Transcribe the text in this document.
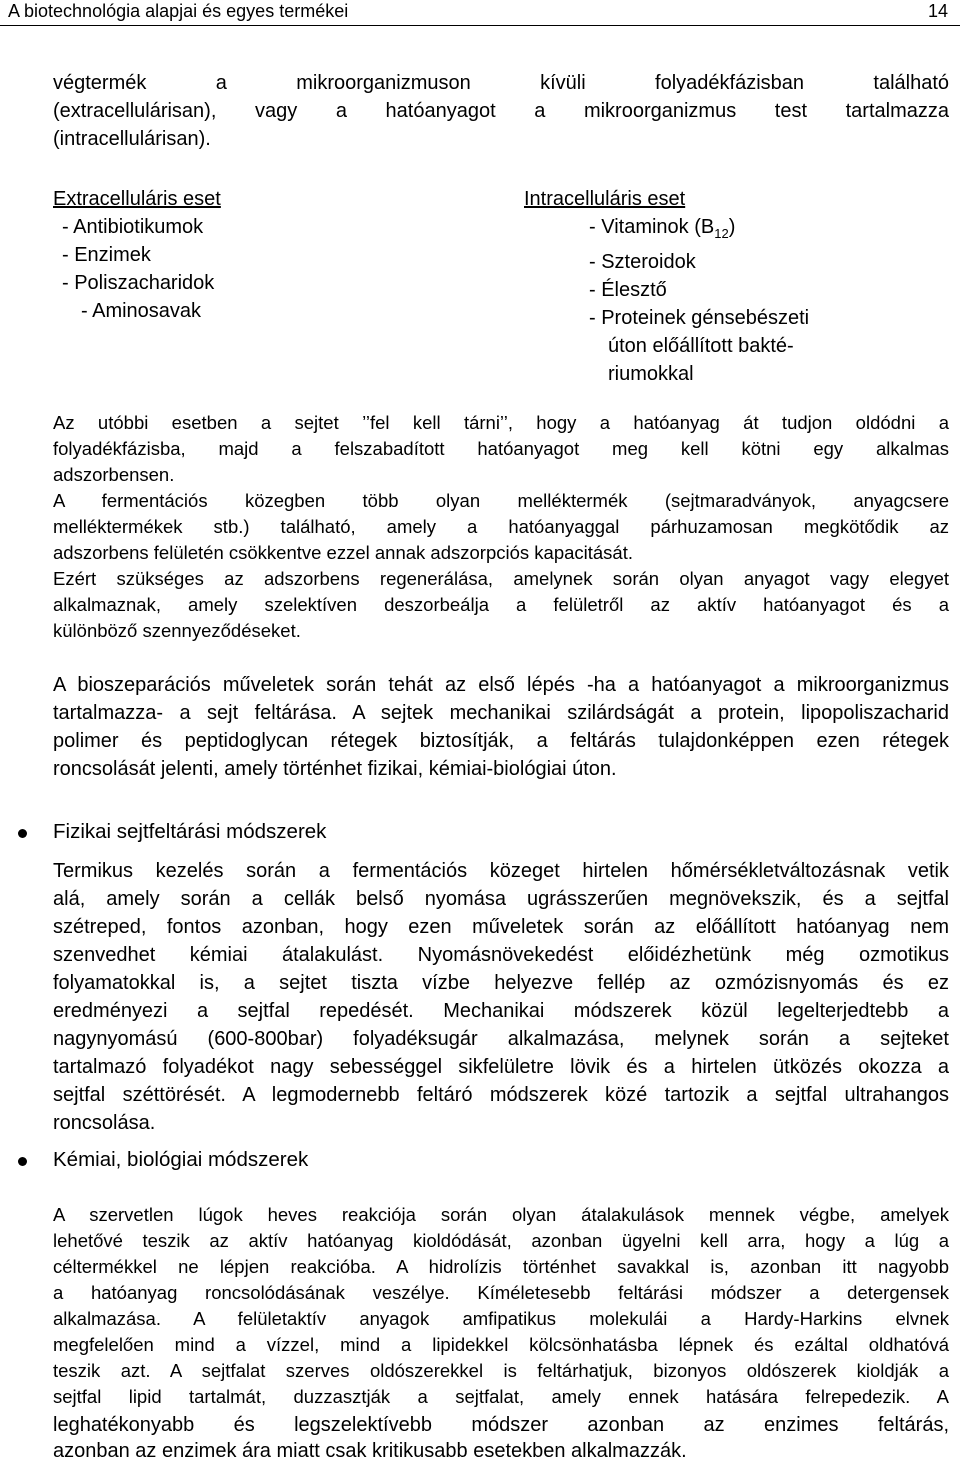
A biotechnológia alapjai és egyes termékei	14
végtermék a mikroorganizmuson kívüli folyadékfázisban található
(extracellulárisan), vagy a hatóanyagot a mikroorganizmus test tartalmazza
(intracellulárisan).
Extracelluláris eset
- Antibiotikumok
- Enzimek
- Poliszacharidok
- Aminosavak
Intracelluláris eset
- Vitaminok $(B_{12})$
- Szteroidok
- Élesztő
- Proteinek génsebészeti
úton előállított bakté-
riumokkal
Az utóbbi esetben a sejtet ’’fel kell tárni’’, hogy a hatóanyag át tudjon oldódni a
folyadékfázisba, majd a felszabadított hatóanyagot meg kell kötni egy alkalmas
adszorbensen.
A fermentációs közegben több olyan melléktermék (sejtmaradványok, anyagcsere
melléktermékek stb.) található, amely a hatóanyaggal párhuzamosan megkötődik az
adszorbens felületén csökkentve ezzel annak adszorpciós kapacitását.
Ezért szükséges az adszorbens regenerálása, amelynek során olyan anyagot vagy elegyet
alkalmaznak, amely szelektíven deszorbeálja a felületről az aktív hatóanyagot és a
különböző szennyeződéseket.
A bioszeparációs műveletek során tehát az első lépés -ha a hatóanyagot a mikroorganizmus
tartalmazza- a sejt feltárása. A sejtek mechanikai szilárdságát a protein, lipopoliszacharid
polimer és peptidoglycan rétegek biztosítják, a feltárás tulajdonképpen ezen rétegek
roncsolását jelenti, amely történhet fizikai, kémiai-biológiai úton.
Fizikai sejtfeltárási módszerek
Termikus kezelés során a fermentációs közeget hirtelen hőmérsékletváltozásnak vetik
alá, amely során a cellák belső nyomása ugrásszerűen megnövekszik, és a sejtfal
szétreped, fontos azonban, hogy ezen műveletek során az előállított hatóanyag nem
szenvedhet kémiai átalakulást. Nyomásnövekedést előidézhetünk még ozmotikus
folyamatokkal is, a sejtet tiszta vízbe helyezve fellép az ozmózisnyomás és ez
eredményezi a sejtfal repedését. Mechanikai módszerek közül legelterjedtebb a
nagynyomású (600-800bar) folyadéksugár alkalmazása, melynek során a sejteket
tartalmazó folyadékot nagy sebességgel sikfelületre lövik és a hirtelen ütközés okozza a
sejtfal széttörését. A legmodernebb feltáró módszerek közé tartozik a sejtfal ultrahangos
roncsolása.
Kémiai, biológiai módszerek
A szervetlen lúgok heves reakciója során olyan átalakulások mennek végbe, amelyek
lehetővé teszik az aktív hatóanyag kioldódását, azonban ügyelni kell arra, hogy a lúg a
céltermékkel ne lépjen reakcióba. A hidrolízis történhet savakkal is, azonban itt nagyobb
a hatóanyag roncsolódásának veszélye. Kíméletesebb feltárási módszer a detergensek
alkalmazása. A felületaktív anyagok amfipatikus molekulái a Hardy-Harkins elvnek
megfelelően mind a vízzel, mind a lipidekkel kölcsönhatásba lépnek és ezáltal oldhatóvá
teszik azt. A sejtfalat szerves oldószerekkel is feltárhatjuk, bizonyos oldószerek kioldják a
sejtfal lipid tartalmát, duzzasztják a sejtfalat, amely ennek hatására felrepedezik. A
leghatékonyabb és legszelektívebb módszer azonban az enzimes feltárás,
azonban az enzimek ára miatt csak kritikusabb esetekben alkalmazzák.
